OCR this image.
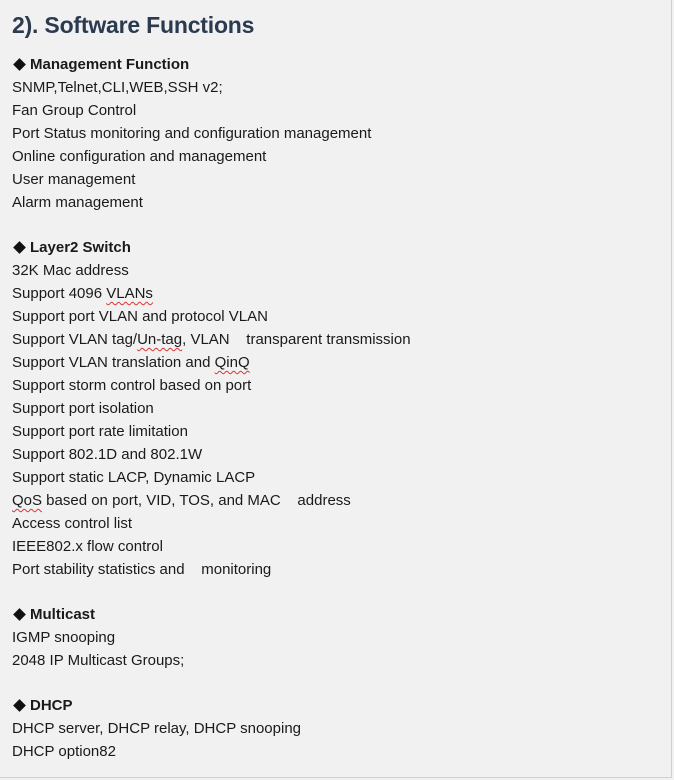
2). Software Functions
Management Function
SNMP,Telnet,CLI,WEB,SSH v2;
Fan Group Control
Port Status monitoring and configuration management
Online configuration and management
User management
Alarm management
Layer2 Switch
32K Mac address
Support 4096 VLANs
Support port VLAN and protocol VLAN
Support VLAN tag/Un-tag, VLAN    transparent transmission
Support VLAN translation and QinQ
Support storm control based on port
Support port isolation
Support port rate limitation
Support 802.1D and 802.1W
Support static LACP, Dynamic LACP
QoS based on port, VID, TOS, and MAC    address
Access control list
IEEE802.x flow control
Port stability statistics and    monitoring
Multicast
IGMP snooping
2048 IP Multicast Groups;
DHCP
DHCP server, DHCP relay, DHCP snooping
DHCP option82
